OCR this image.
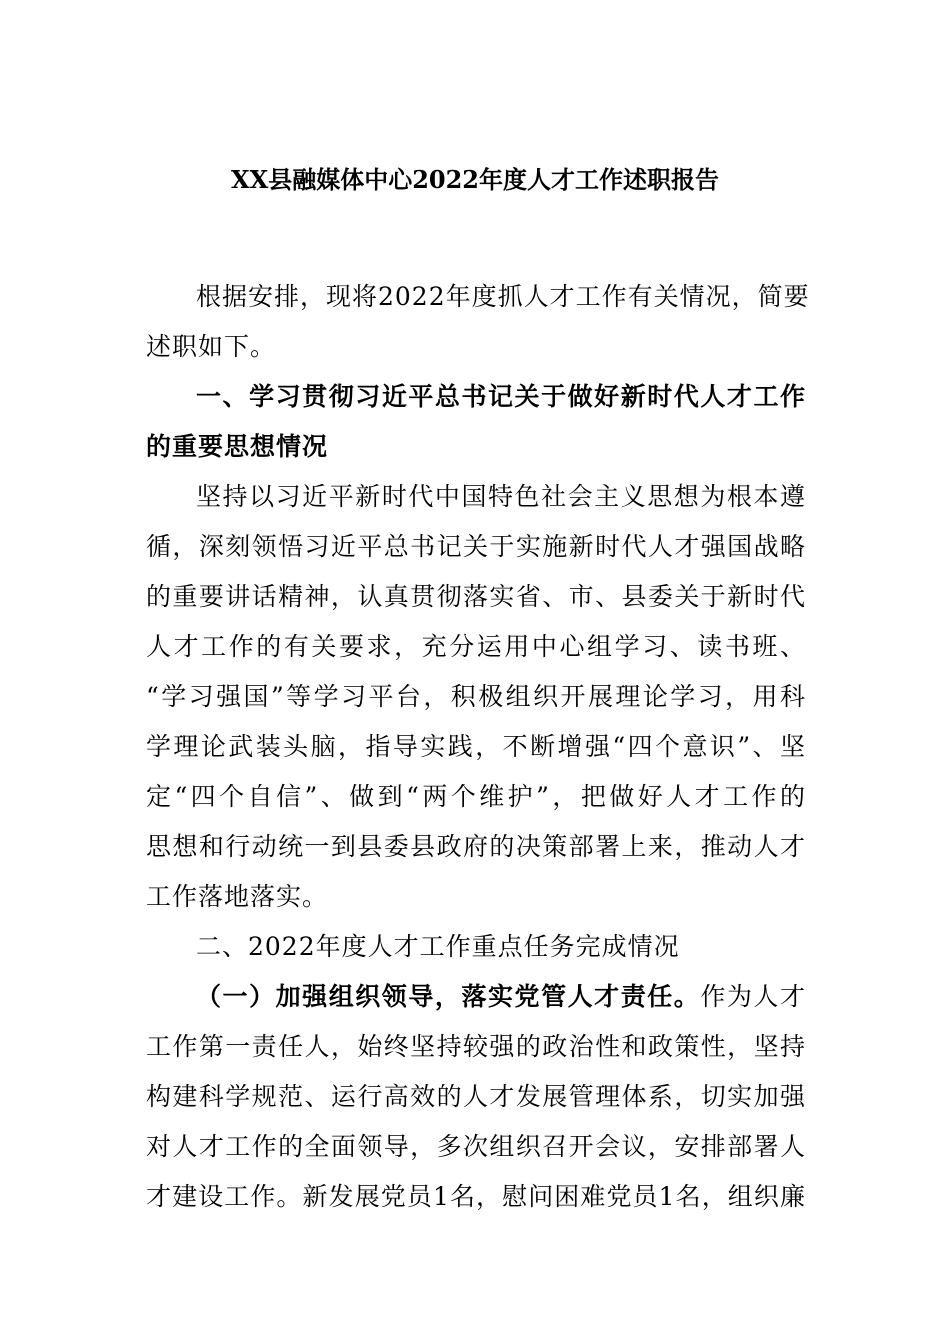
XX县融媒体中心2022年度人才工作述职报告
根据安排，现将2022年度抓人才工作有关情况，简要
述职如下。
一、学习贯彻习近平总书记关于做好新时代人才工作
的重要思想情况
坚持以习近平新时代中国特色社会主义思想为根本遵
循，深刻领悟习近平总书记关于实施新时代人才强国战略
的重要讲话精神，认真贯彻落实省、市、县委关于新时代
人才工作的有关要求，充分运用中心组学习、读书班、
“学习强国”等学习平台，积极组织开展理论学习，用科
学理论武装头脑，指导实践，不断增强“四个意识”、坚
定“四个自信”、做到“两个维护”，把做好人才工作的
思想和行动统一到县委县政府的决策部署上来，推动人才
工作落地落实。
二、2022年度人才工作重点任务完成情况
（一）加强组织领导，落实党管人才责任。作为人才
工作第一责任人，始终坚持较强的政治性和政策性，坚持
构建科学规范、运行高效的人才发展管理体系，切实加强
对人才工作的全面领导，多次组织召开会议，安排部署人
才建设工作。新发展党员1名，慰问困难党员1名，组织廉
